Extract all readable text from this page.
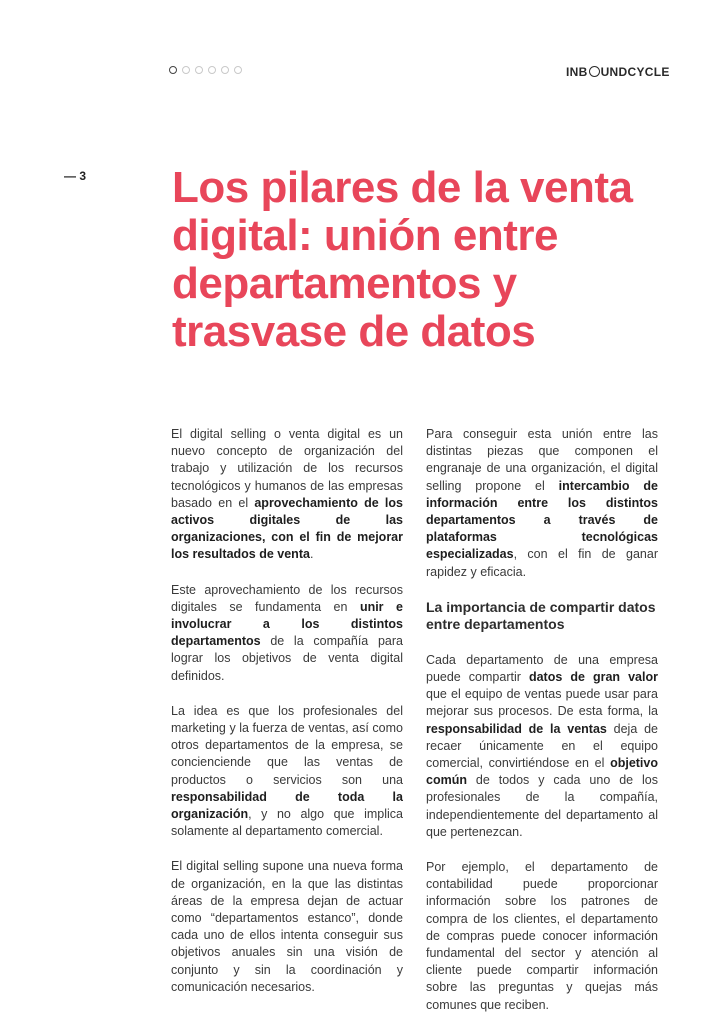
INB UNDCYCLE
— 3 Los pilares de la venta digital: unión entre departamentos y trasvase de datos

El digital selling o venta digital es un nuevo concepto de organización del trabajo y utilización de los recursos tecnológicos y humanos de las empresas basado en el aprovechamiento de los activos digitales de las organizaciones, con el fin de mejorar los resultados de venta.

Este aprovechamiento de los recursos digitales se fundamenta en unir e involucrar a los distintos departamentos de la compañía para lograr los objetivos de venta digital definidos.

La idea es que los profesionales del marketing y la fuerza de ventas, así como otros departamentos de la empresa, se concienciende que las ventas de productos o servicios son una responsabilidad de toda la organización, y no algo que implica solamente al departamento comercial.

El digital selling supone una nueva forma de organización, en la que las distintas áreas de la empresa dejan de actuar como “departamentos estanco”, donde cada uno de ellos intenta conseguir sus objetivos anuales sin una visión de conjunto y sin la coordinación y comunicación necesarios.

Para conseguir esta unión entre las distintas piezas que componen el engranaje de una organización, el digital selling propone el intercambio de información entre los distintos departamentos a través de plataformas tecnológicas especializadas, con el fin de ganar rapidez y eficacia.

La importancia de compartir datos entre departamentos

Cada departamento de una empresa puede compartir datos de gran valor que el equipo de ventas puede usar para mejorar sus procesos. De esta forma, la responsabilidad de la ventas deja de recaer únicamente en el equipo comercial, convirtiéndose en el objetivo común de todos y cada uno de los profesionales de la compañía, independientemente del departamento al que pertenezcan.

Por ejemplo, el departamento de contabilidad puede proporcionar información sobre los patrones de compra de los clientes, el departamento de compras puede conocer información fundamental del sector y atención al cliente puede compartir información sobre las preguntas y quejas más comunes que reciben.
